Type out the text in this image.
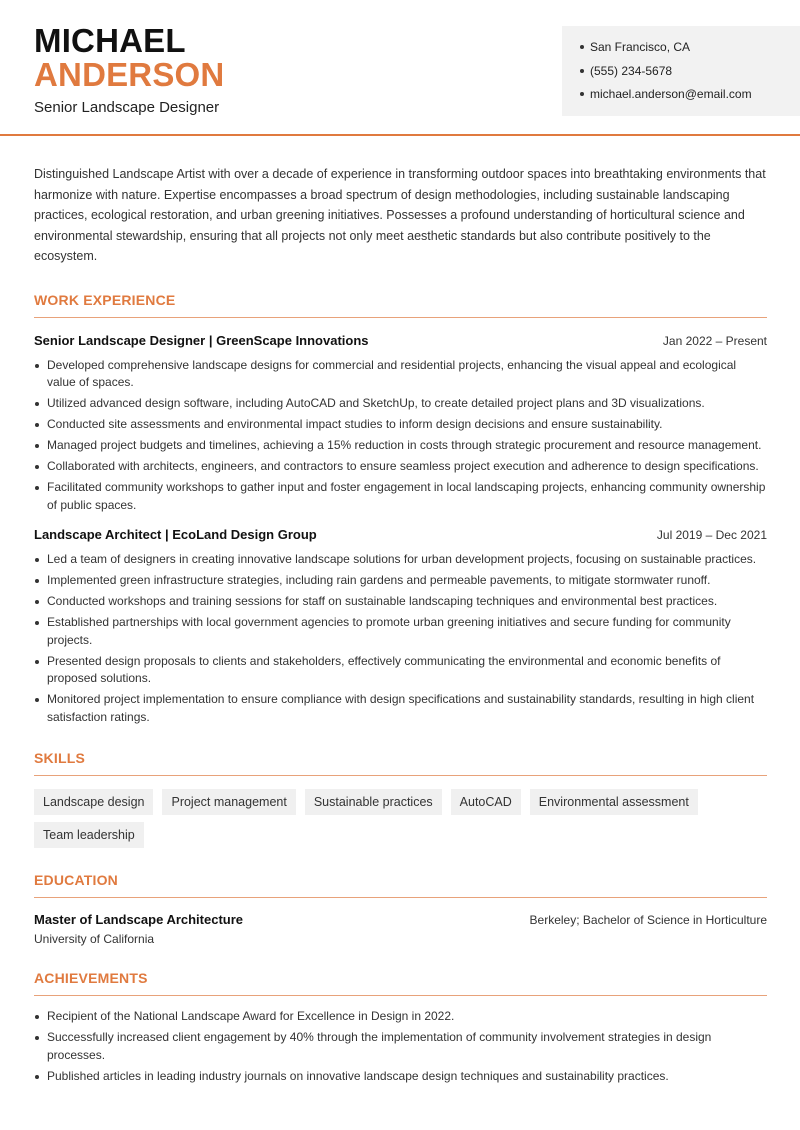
MICHAEL
ANDERSON
Senior Landscape Designer
San Francisco, CA
(555) 234-5678
michael.anderson@email.com

Distinguished Landscape Artist with over a decade of experience in transforming outdoor spaces into breathtaking environments that harmonize with nature. Expertise encompasses a broad spectrum of design methodologies, including sustainable landscaping practices, ecological restoration, and urban greening initiatives. Possesses a profound understanding of horticultural science and environmental stewardship, ensuring that all projects not only meet aesthetic standards but also contribute positively to the ecosystem.

WORK EXPERIENCE
Senior Landscape Designer | GreenScape Innovations	Jan 2022 – Present
Developed comprehensive landscape designs for commercial and residential projects, enhancing the visual appeal and ecological value of spaces.
Utilized advanced design software, including AutoCAD and SketchUp, to create detailed project plans and 3D visualizations.
Conducted site assessments and environmental impact studies to inform design decisions and ensure sustainability.
Managed project budgets and timelines, achieving a 15% reduction in costs through strategic procurement and resource management.
Collaborated with architects, engineers, and contractors to ensure seamless project execution and adherence to design specifications.
Facilitated community workshops to gather input and foster engagement in local landscaping projects, enhancing community ownership of public spaces.
Landscape Architect | EcoLand Design Group	Jul 2019 – Dec 2021
Led a team of designers in creating innovative landscape solutions for urban development projects, focusing on sustainable practices.
Implemented green infrastructure strategies, including rain gardens and permeable pavements, to mitigate stormwater runoff.
Conducted workshops and training sessions for staff on sustainable landscaping techniques and environmental best practices.
Established partnerships with local government agencies to promote urban greening initiatives and secure funding for community projects.
Presented design proposals to clients and stakeholders, effectively communicating the environmental and economic benefits of proposed solutions.
Monitored project implementation to ensure compliance with design specifications and sustainability standards, resulting in high client satisfaction ratings.
SKILLS
Landscape design	Project management	Sustainable practices	AutoCAD	Environmental assessment
Team leadership
EDUCATION
Master of Landscape Architecture	Berkeley; Bachelor of Science in Horticulture
University of California
ACHIEVEMENTS
Recipient of the National Landscape Award for Excellence in Design in 2022.
Successfully increased client engagement by 40% through the implementation of community involvement strategies in design processes.
Published articles in leading industry journals on innovative landscape design techniques and sustainability practices.
